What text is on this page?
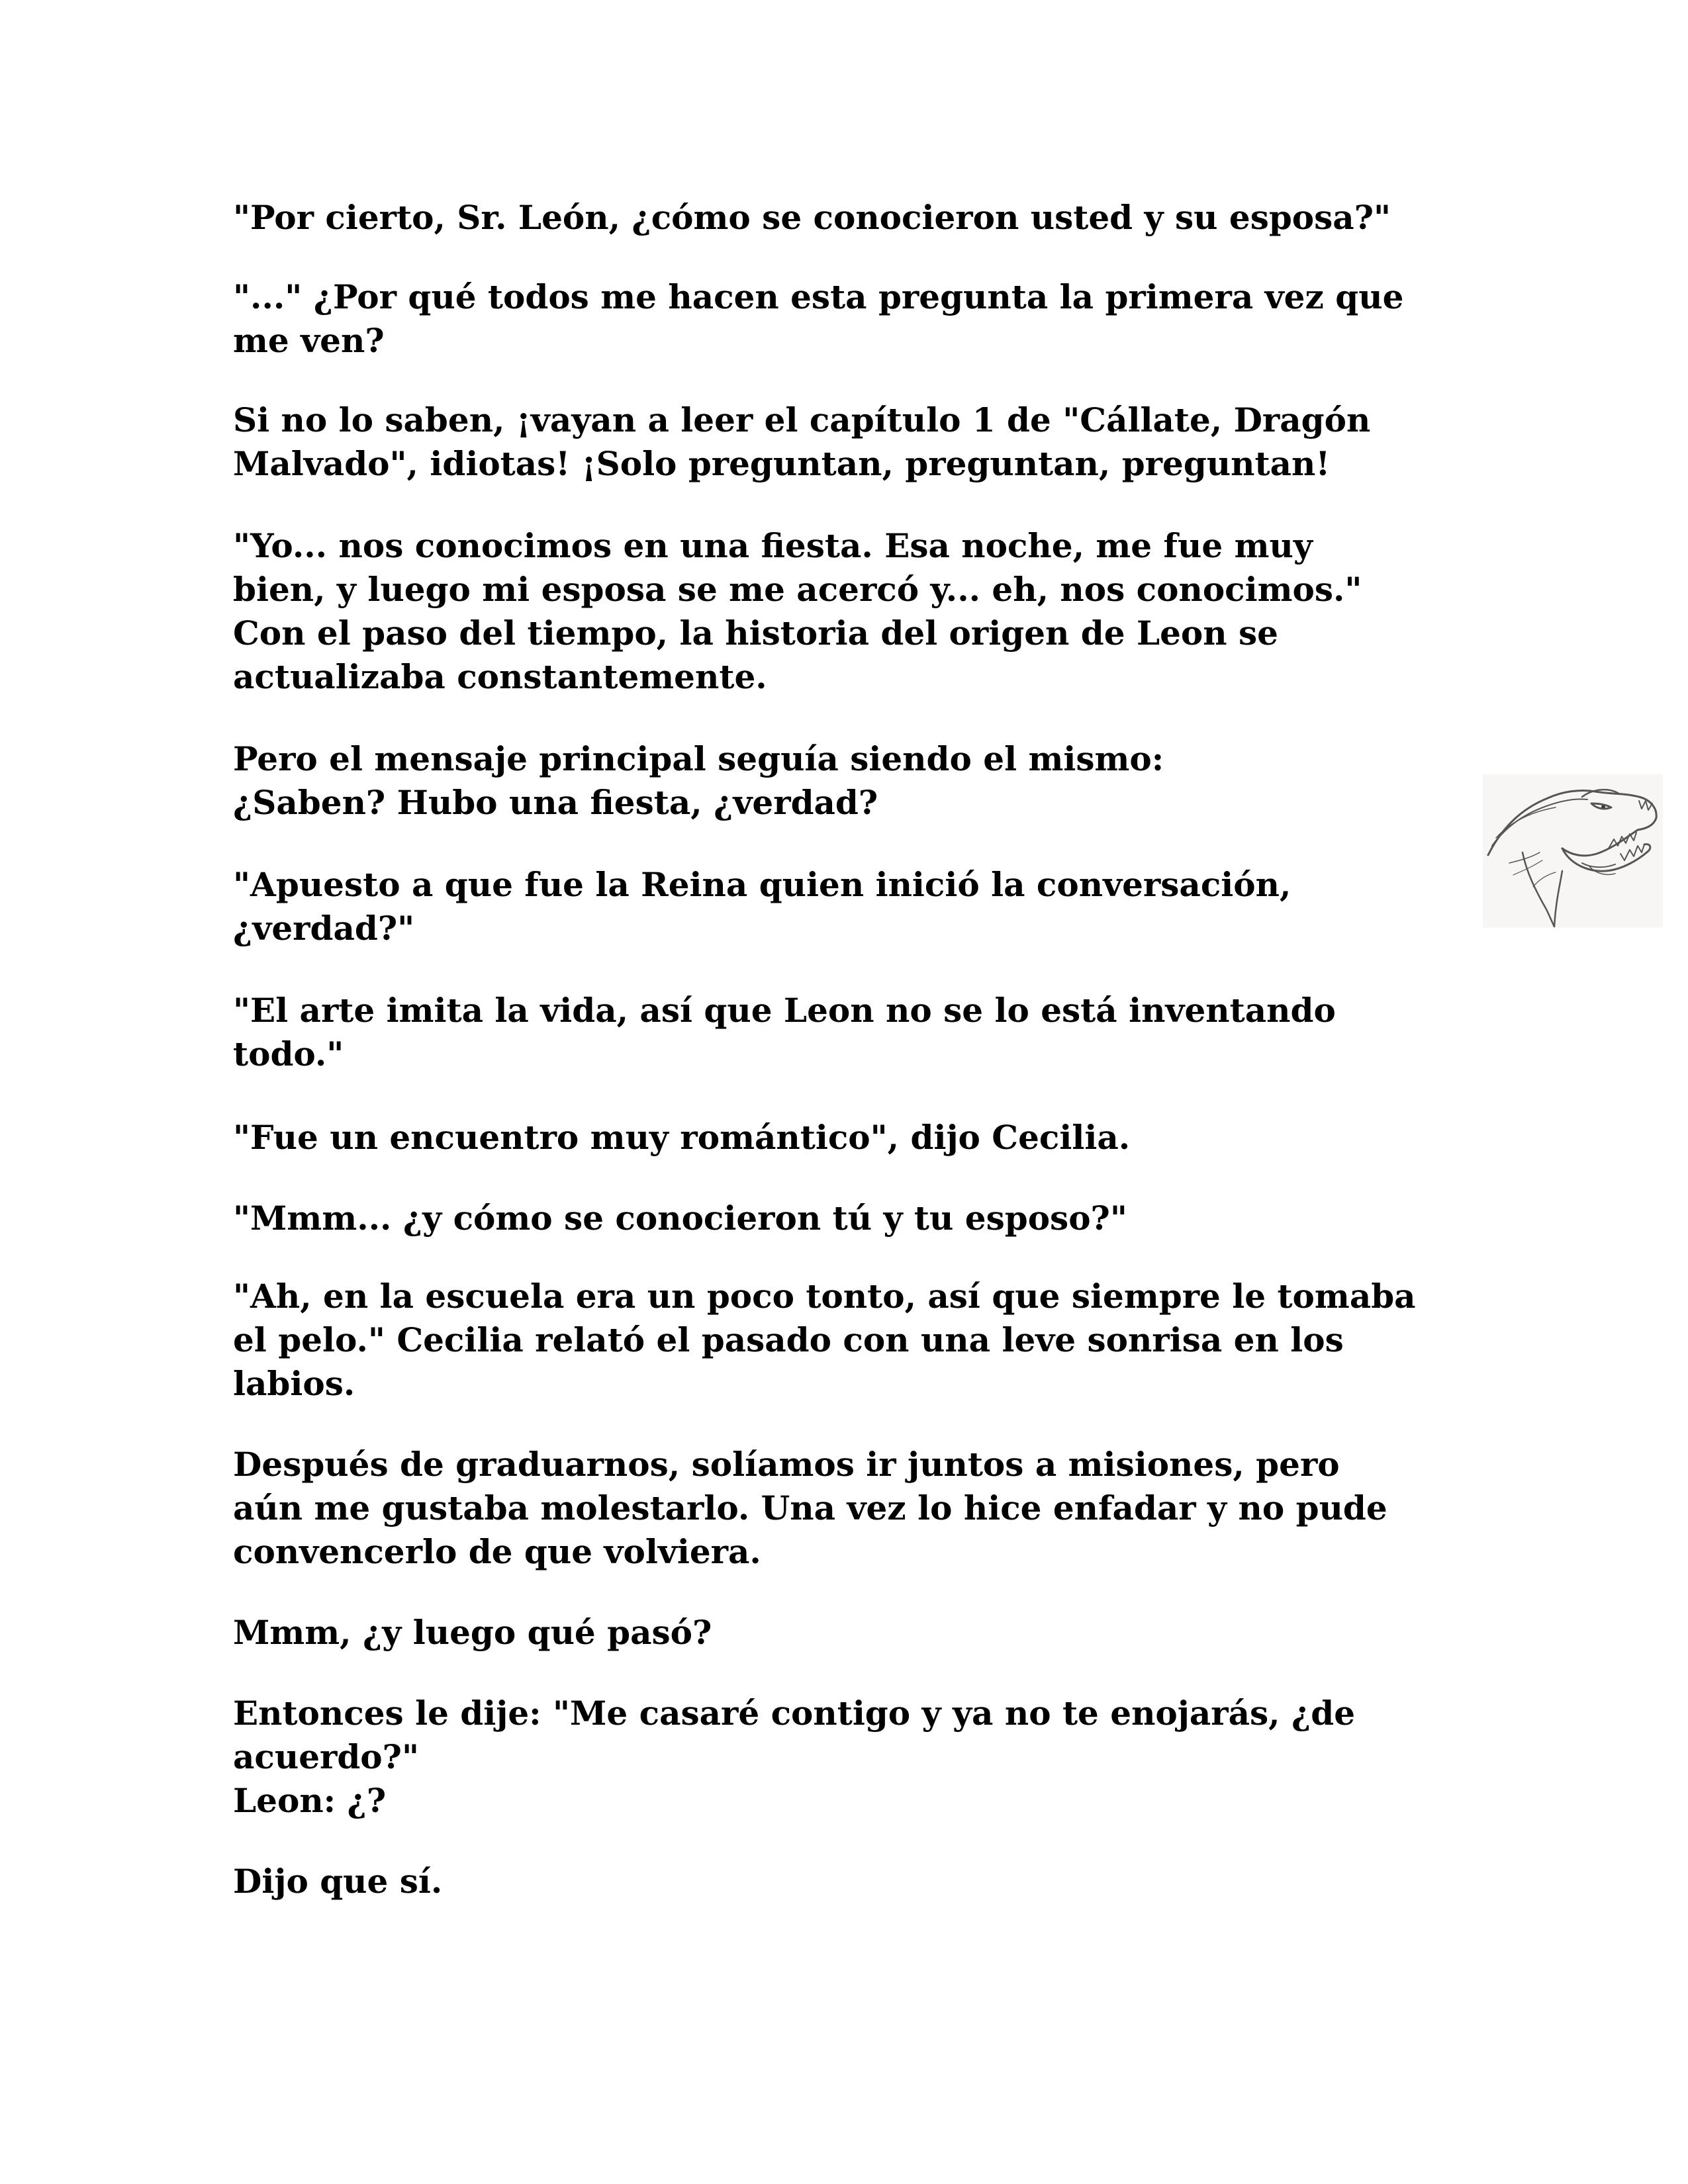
"Por cierto, Sr. León, ¿cómo se conocieron usted y su esposa?"

"..." ¿Por qué todos me hacen esta pregunta la primera vez que
me ven?

Si no lo saben, ¡vayan a leer el capítulo 1 de "Cállate, Dragón
Malvado", idiotas! ¡Solo preguntan, preguntan, preguntan!

"Yo... nos conocimos en una fiesta. Esa noche, me fue muy
bien, y luego mi esposa se me acercó y... eh, nos conocimos."
Con el paso del tiempo, la historia del origen de Leon se
actualizaba constantemente.

Pero el mensaje principal seguía siendo el mismo:
¿Saben? Hubo una fiesta, ¿verdad?

"Apuesto a que fue la Reina quien inició la conversación,
¿verdad?"

"El arte imita la vida, así que Leon no se lo está inventando
todo."

"Fue un encuentro muy romántico", dijo Cecilia.

"Mmm... ¿y cómo se conocieron tú y tu esposo?"

"Ah, en la escuela era un poco tonto, así que siempre le tomaba
el pelo." Cecilia relató el pasado con una leve sonrisa en los
labios.

Después de graduarnos, solíamos ir juntos a misiones, pero
aún me gustaba molestarlo. Una vez lo hice enfadar y no pude
convencerlo de que volviera.

Mmm, ¿y luego qué pasó?

Entonces le dije: "Me casaré contigo y ya no te enojarás, ¿de
acuerdo?"
Leon: ¿?

Dijo que sí.
